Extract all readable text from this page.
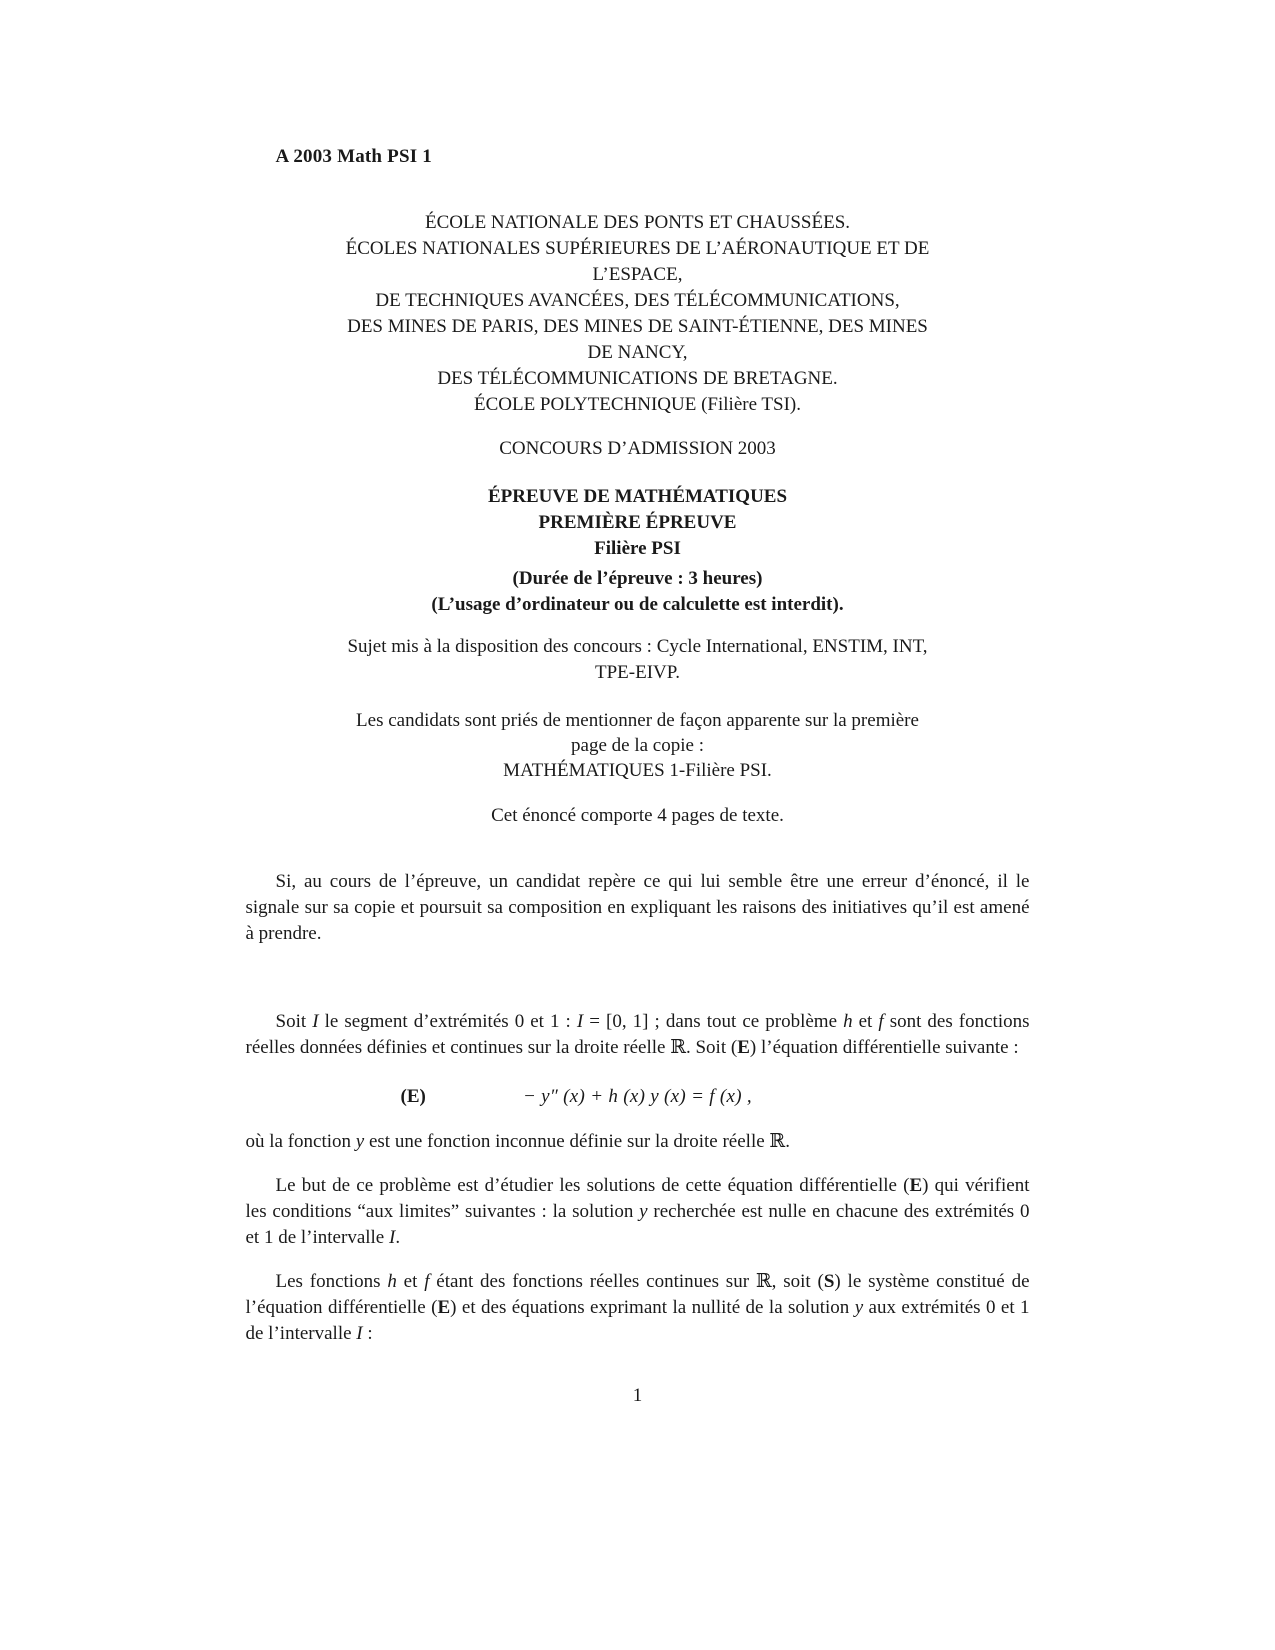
A 2003 Math PSI 1
ÉCOLE NATIONALE DES PONTS ET CHAUSSÉES.
ÉCOLES NATIONALES SUPÉRIEURES DE L’AÉRONAUTIQUE ET DE
L’ESPACE,
DE TECHNIQUES AVANCÉES, DES TÉLÉCOMMUNICATIONS,
DES MINES DE PARIS, DES MINES DE SAINT-ÉTIENNE, DES MINES
DE NANCY,
DES TÉLÉCOMMUNICATIONS DE BRETAGNE.
ÉCOLE POLYTECHNIQUE (Filière TSI).
CONCOURS D’ADMISSION 2003
ÉPREUVE DE MATHÉMATIQUES
PREMIÈRE ÉPREUVE
Filière PSI
(Durée de l’épreuve : 3 heures)
(L’usage d’ordinateur ou de calculette est interdit).
Sujet mis à la disposition des concours : Cycle International, ENSTIM, INT,
TPE-EIVP.
Les candidats sont priés de mentionner de façon apparente sur la première
page de la copie :
MATHÉMATIQUES 1-Filière PSI.
Cet énoncé comporte 4 pages de texte.

Si, au cours de l’épreuve, un candidat repère ce qui lui semble être une erreur d’énoncé, il le signale sur sa copie et poursuit sa composition en expliquant les raisons des initiatives qu’il est amené à prendre.

Soit I le segment d’extrémités 0 et 1 : I = [0, 1] ; dans tout ce problème h et f sont des fonctions réelles données définies et continues sur la droite réelle ℝ. Soit (E) l’équation différentielle suivante :

(E)	− y″ (x) + h (x) y (x) = f (x) ,

où la fonction y est une fonction inconnue définie sur la droite réelle ℝ.

Le but de ce problème est d’étudier les solutions de cette équation différentielle (E) qui vérifient les conditions “aux limites” suivantes : la solution y recherchée est nulle en chacune des extrémités 0 et 1 de l’intervalle I.

Les fonctions h et f étant des fonctions réelles continues sur ℝ, soit (S) le système constitué de l’équation différentielle (E) et des équations exprimant la nullité de la solution y aux extrémités 0 et 1 de l’intervalle I :

1
